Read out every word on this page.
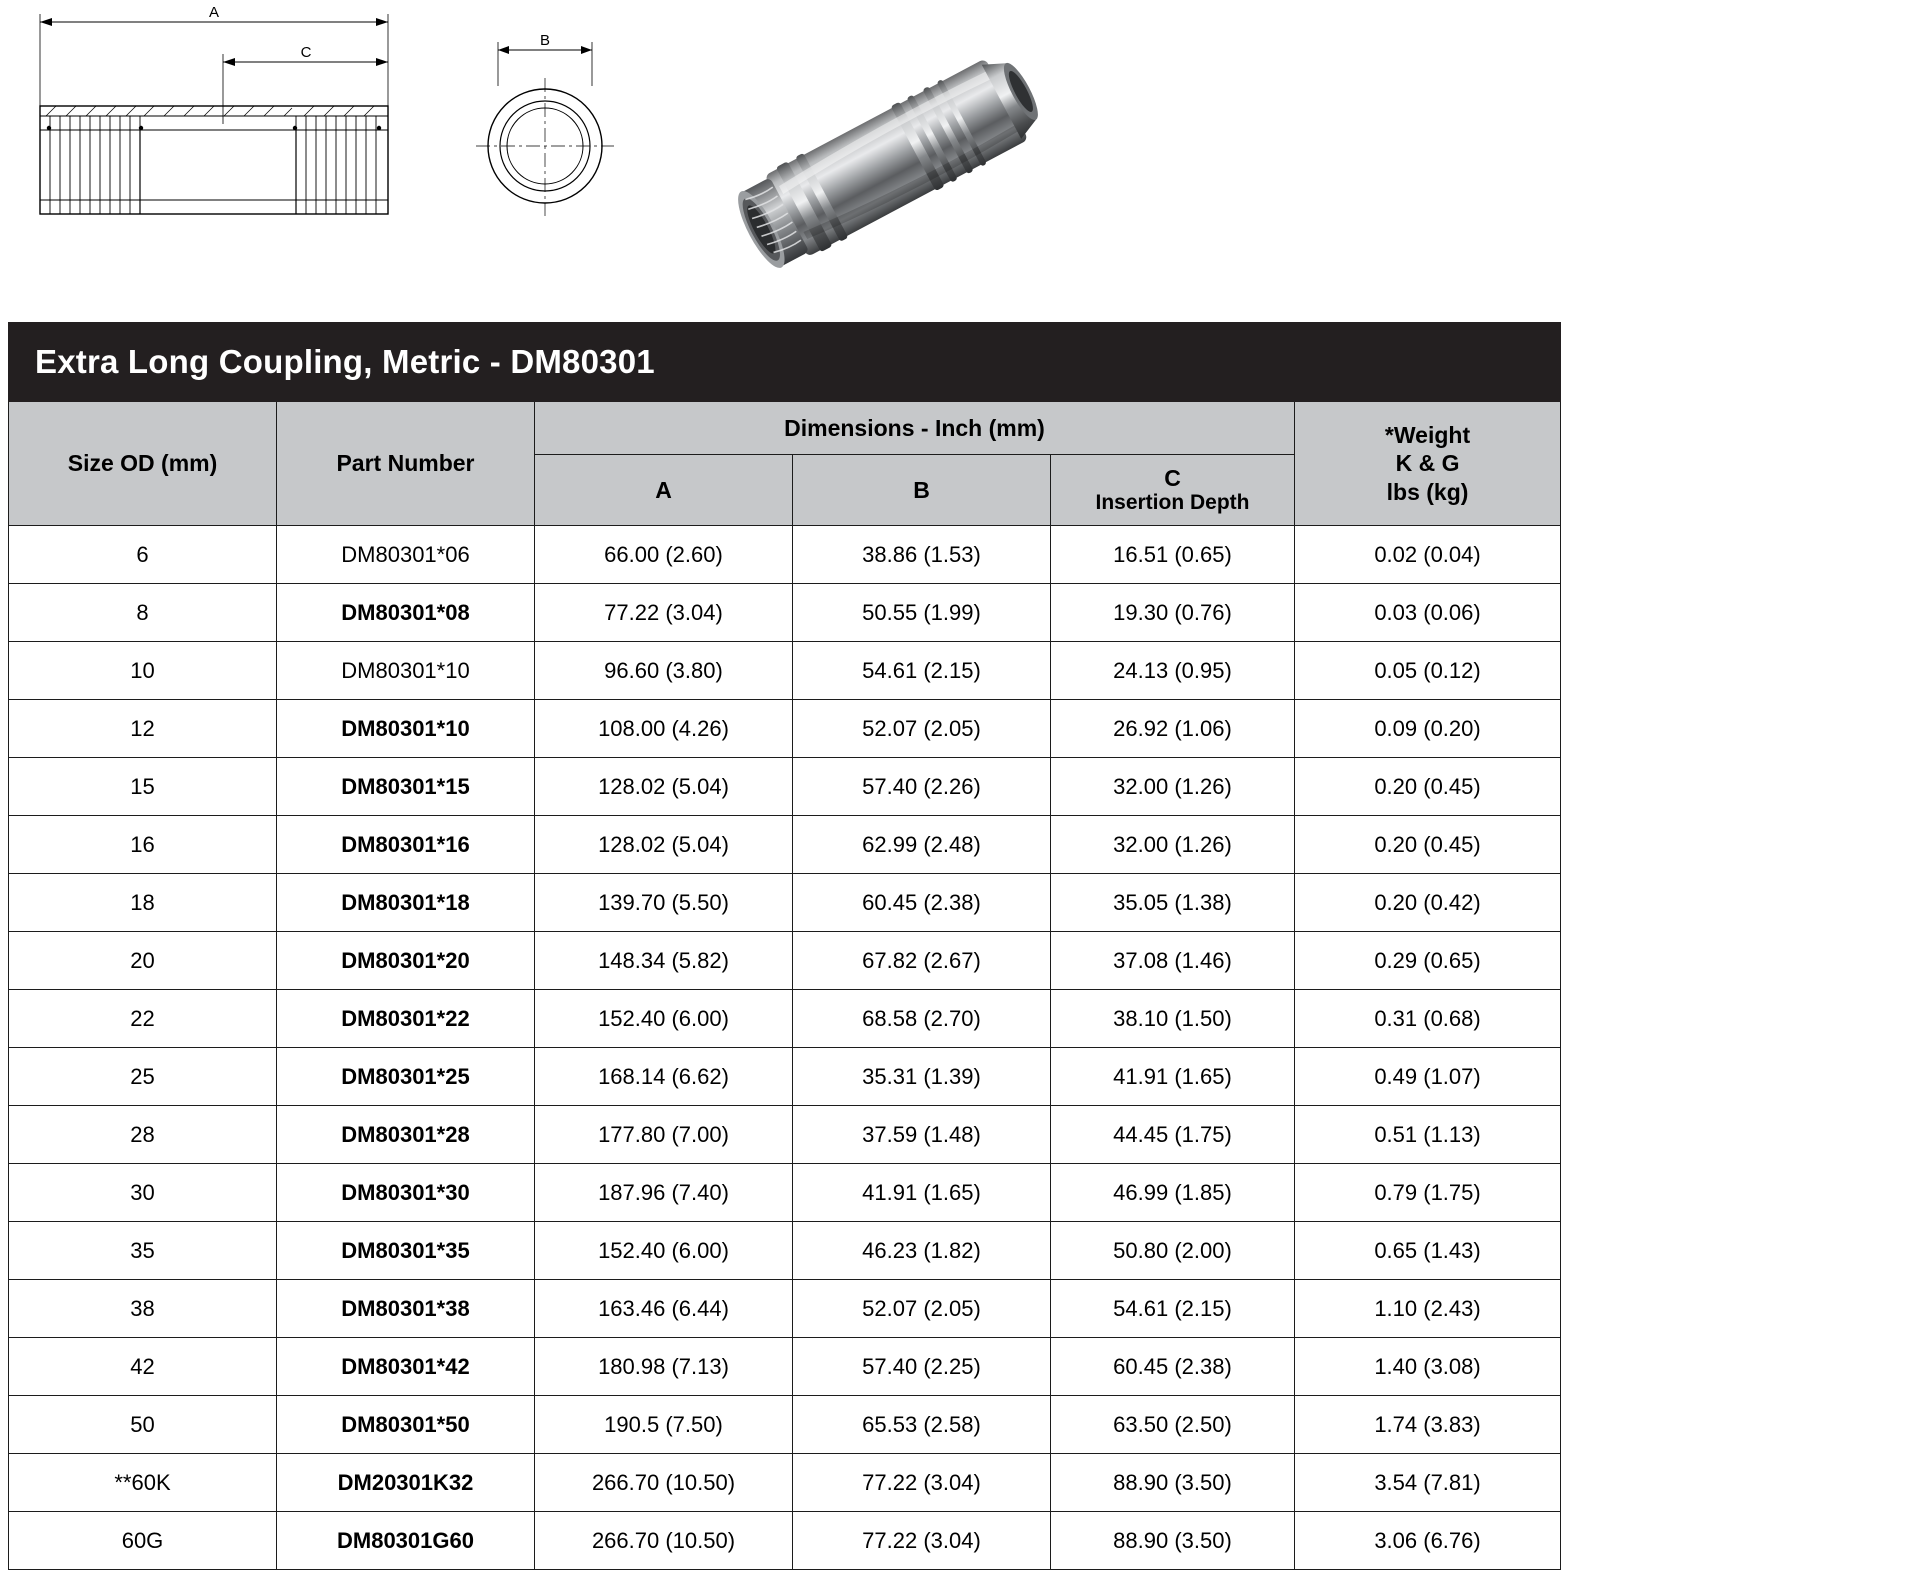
A
C
B
Extra Long Coupling, Metric - DM80301					
Size OD (mm)	Part Number	Dimensions - Inch (mm)			*Weight
K & G
lbs (kg)

		A	B	C
Insertion Depth	

6	DM80301*06	66.00 (2.60)	38.86 (1.53)	16.51 (0.65)	0.02 (0.04)
8	DM80301*08	77.22 (3.04)	50.55 (1.99)	19.30 (0.76)	0.03 (0.06)
10	DM80301*10	96.60 (3.80)	54.61 (2.15)	24.13 (0.95)	0.05 (0.12)
12	DM80301*10	108.00 (4.26)	52.07 (2.05)	26.92 (1.06)	0.09 (0.20)
15	DM80301*15	128.02 (5.04)	57.40 (2.26)	32.00 (1.26)	0.20 (0.45)
16	DM80301*16	128.02 (5.04)	62.99 (2.48)	32.00 (1.26)	0.20 (0.45)
18	DM80301*18	139.70 (5.50)	60.45 (2.38)	35.05 (1.38)	0.20 (0.42)
20	DM80301*20	148.34 (5.82)	67.82 (2.67)	37.08 (1.46)	0.29 (0.65)
22	DM80301*22	152.40 (6.00)	68.58 (2.70)	38.10 (1.50)	0.31 (0.68)
25	DM80301*25	168.14 (6.62)	35.31 (1.39)	41.91 (1.65)	0.49 (1.07)
28	DM80301*28	177.80 (7.00)	37.59 (1.48)	44.45 (1.75)	0.51 (1.13)
30	DM80301*30	187.96 (7.40)	41.91 (1.65)	46.99 (1.85)	0.79 (1.75)
35	DM80301*35	152.40 (6.00)	46.23 (1.82)	50.80 (2.00)	0.65 (1.43)
38	DM80301*38	163.46 (6.44)	52.07 (2.05)	54.61 (2.15)	1.10 (2.43)
42	DM80301*42	180.98 (7.13)	57.40 (2.25)	60.45 (2.38)	1.40 (3.08)
50	DM80301*50	190.5 (7.50)	65.53 (2.58)	63.50 (2.50)	1.74 (3.83)
**60K	DM20301K32	266.70 (10.50)	77.22 (3.04)	88.90 (3.50)	3.54 (7.81)
60G	DM80301G60	266.70 (10.50)	77.22 (3.04)	88.90 (3.50)	3.06 (6.76)
